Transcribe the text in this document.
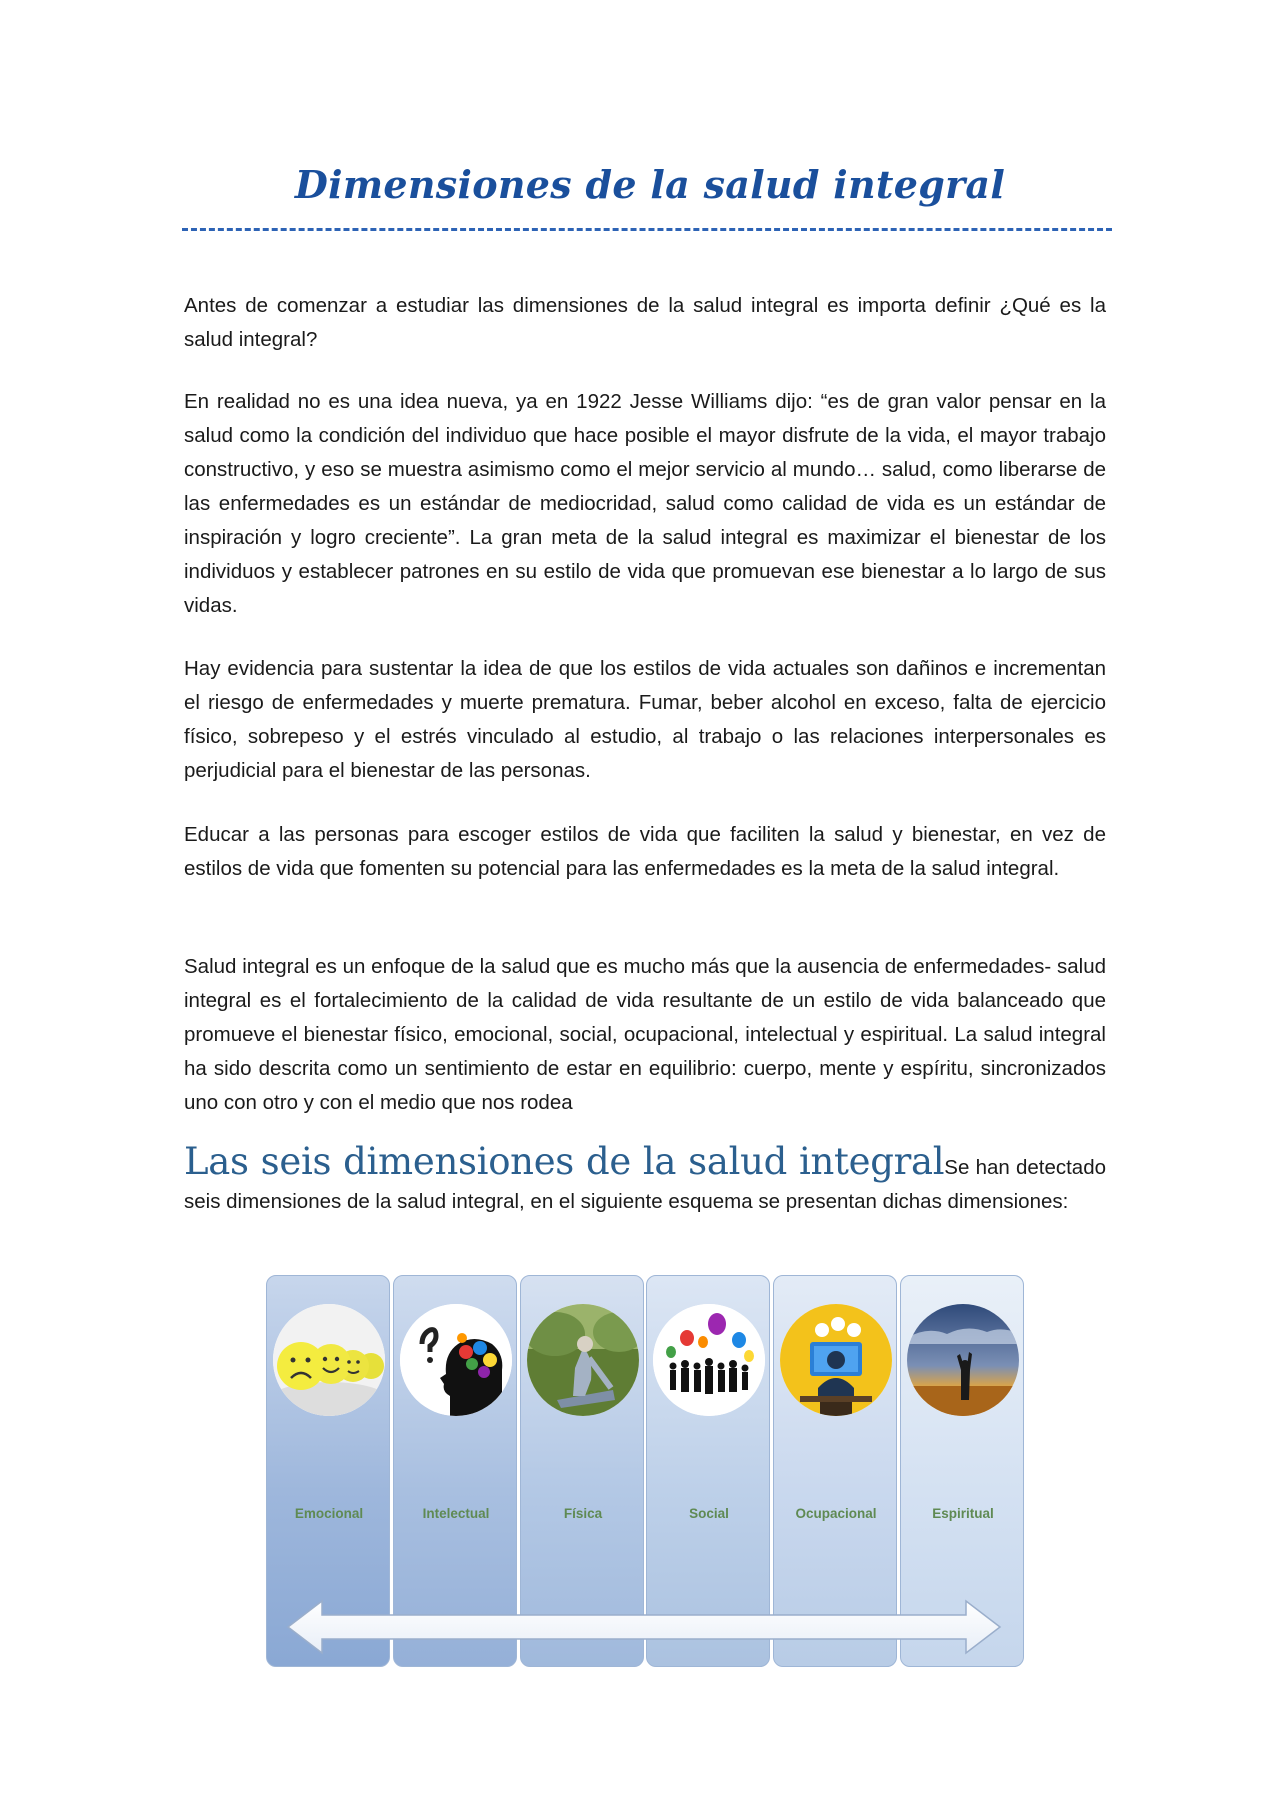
Dimensiones de la salud integral

Antes de comenzar a estudiar las dimensiones de la salud integral es importa definir ¿Qué es la salud integral?

En realidad no es una idea nueva, ya en 1922 Jesse Williams dijo: “es de gran valor pensar en la salud como la condición del individuo que hace posible el mayor disfrute de la vida, el mayor trabajo constructivo, y eso se muestra asimismo como el mejor servicio al mundo… salud, como liberarse de las enfermedades es un estándar de mediocridad, salud como calidad de vida es un estándar de inspiración y logro creciente”. La gran meta de la salud integral es maximizar el bienestar de los individuos y establecer patrones en su estilo de vida que promuevan ese bienestar a lo largo de sus vidas.

Hay evidencia para sustentar la idea de que los estilos de vida actuales son dañinos e incrementan el riesgo de enfermedades y muerte prematura. Fumar, beber alcohol en exceso, falta de ejercicio físico, sobrepeso y el estrés vinculado al estudio, al trabajo o las relaciones interpersonales es perjudicial para el bienestar de las personas.

Educar a las personas para escoger estilos de vida que faciliten la salud y bienestar, en vez de estilos de vida que fomenten su potencial para las enfermedades es la meta de la salud integral.

Salud integral es un enfoque de la salud que es mucho más que la ausencia de enfermedades- salud integral es el fortalecimiento de la calidad de vida resultante de un estilo de vida balanceado que promueve el bienestar físico, emocional, social, ocupacional, intelectual y espiritual. La salud integral ha sido descrita como un sentimiento de estar en equilibrio: cuerpo, mente y espíritu, sincronizados uno con otro y con el medio que nos rodea

Las seis dimensiones de la salud integralSe han detectado seis dimensiones de la salud integral, en el siguiente esquema se presentan dichas dimensiones:

Emocional	Intelectual	Física	Social	Ocupacional	Espiritual
